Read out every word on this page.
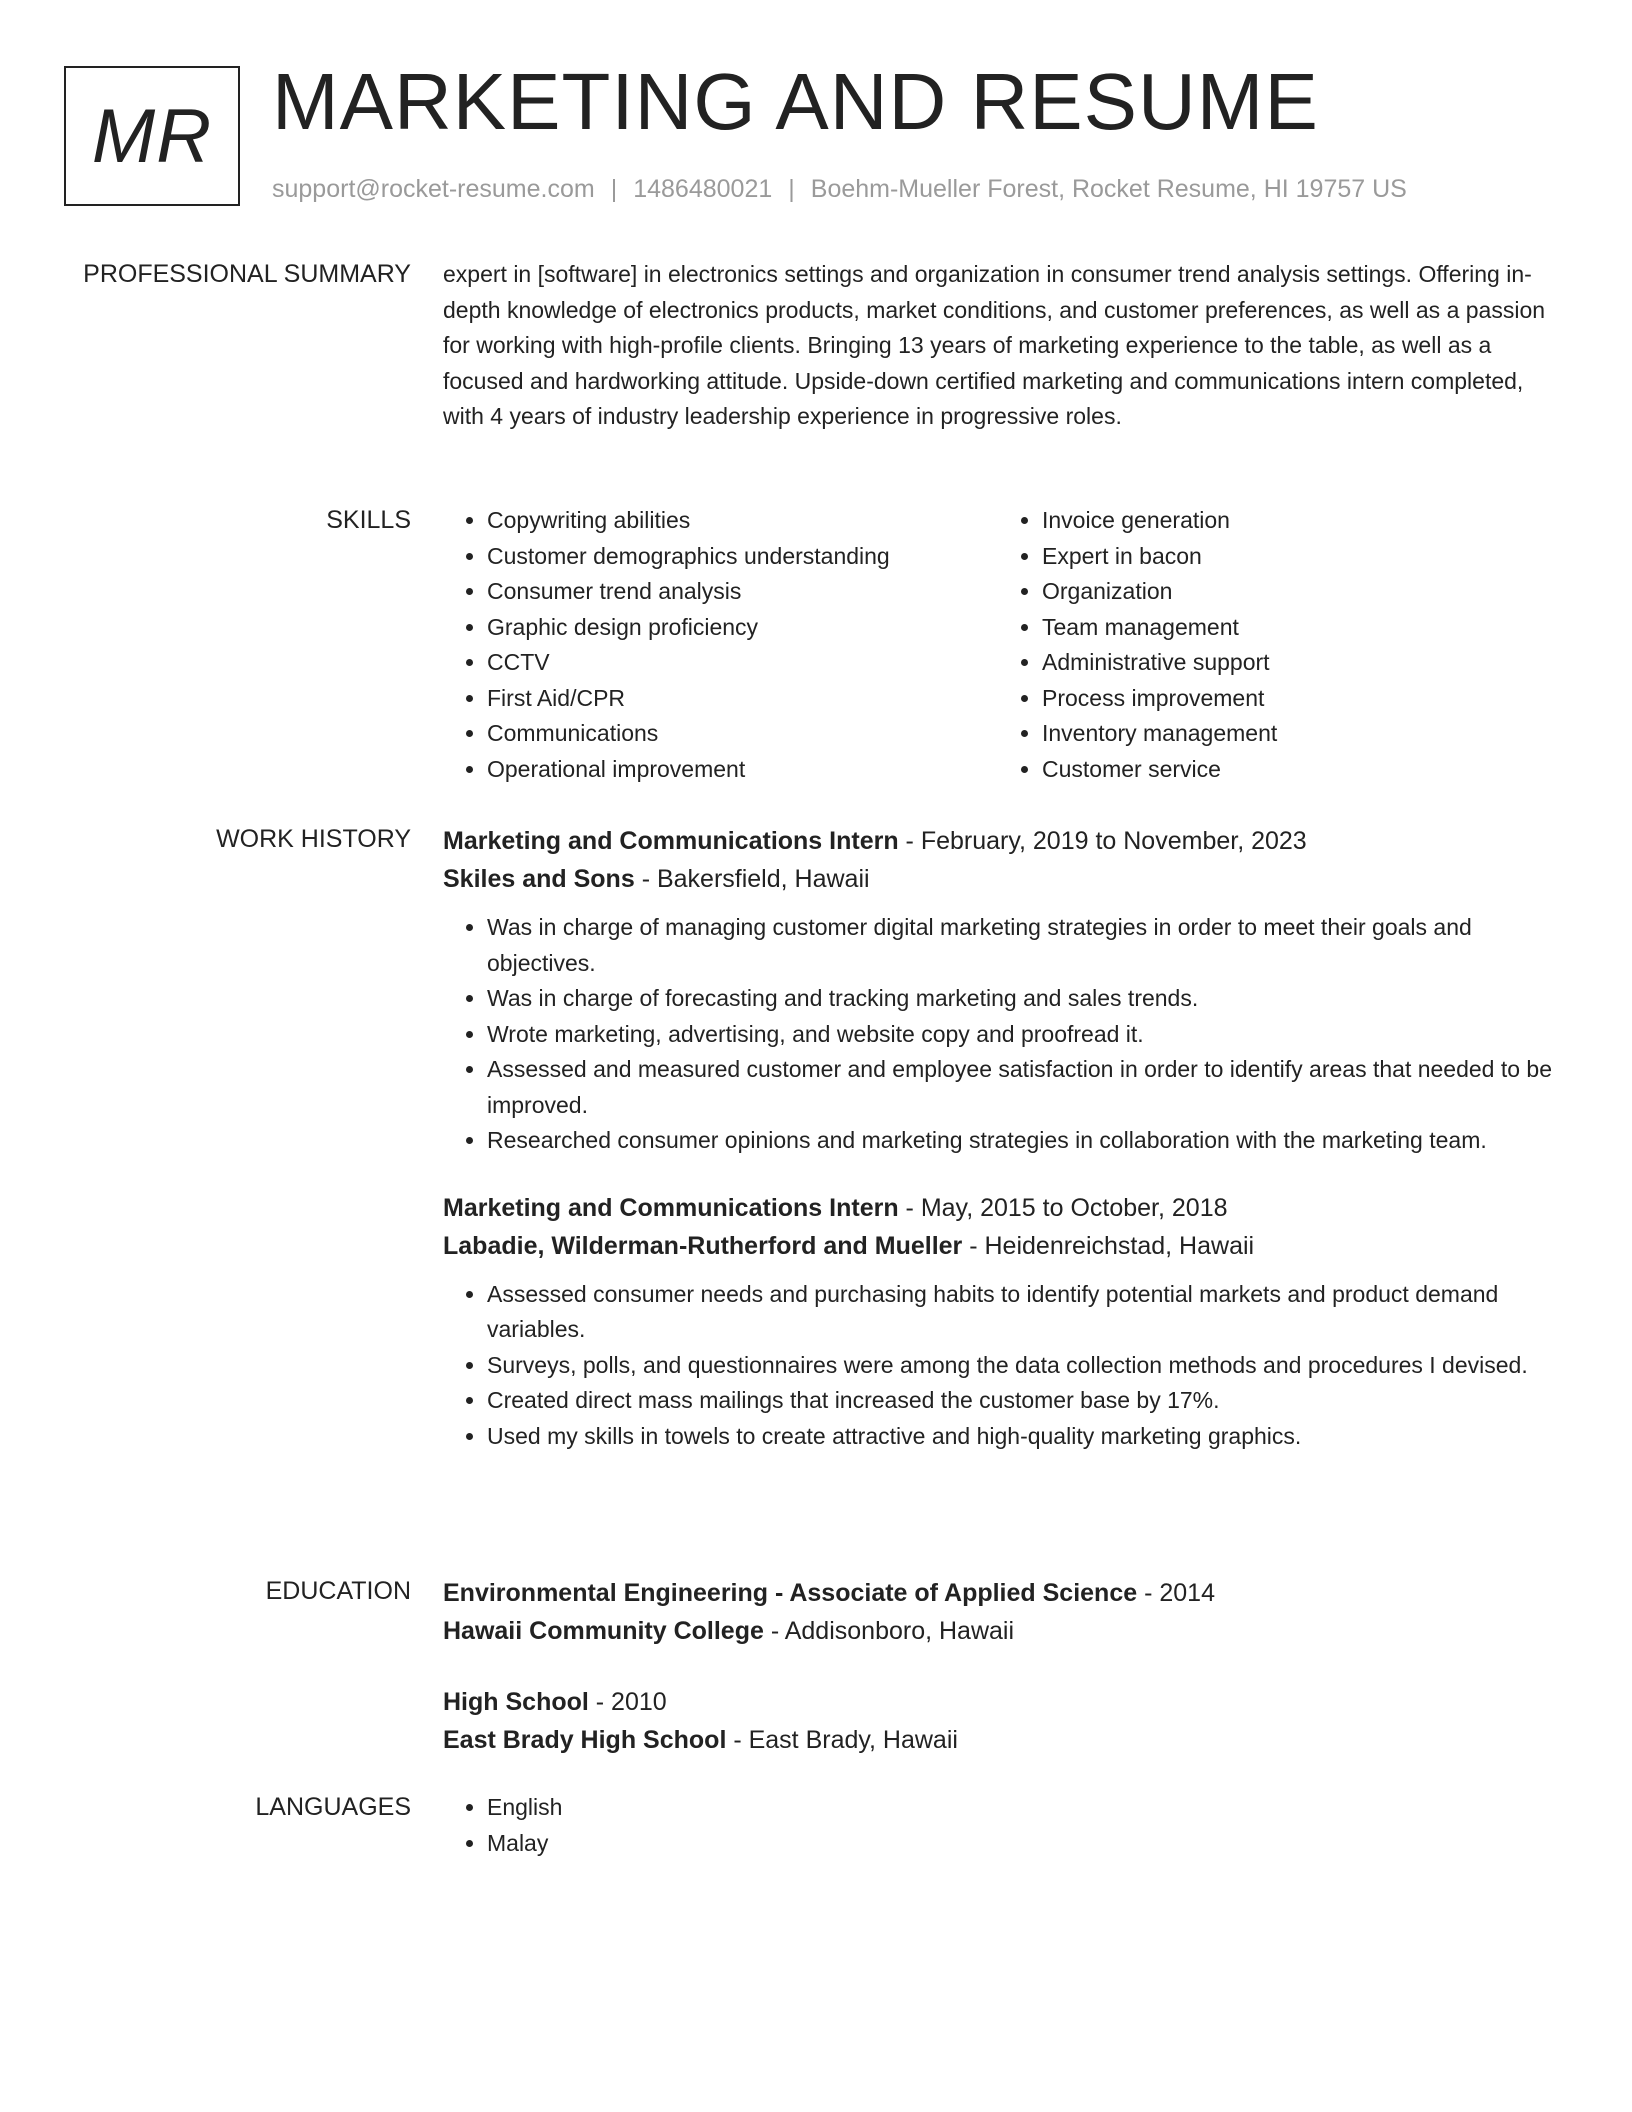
MR MARKETING AND RESUME
support@rocket-resume.com | 1486480021 | Boehm-Mueller Forest, Rocket Resume, HI 19757 US
PROFESSIONAL SUMMARY expert in [software] in electronics settings and organization in consumer trend analysis settings. Offering in-depth knowledge of electronics products, market conditions, and customer preferences, as well as a passion for working with high-profile clients. Bringing 13 years of marketing experience to the table, as well as a focused and hardworking attitude. Upside-down certified marketing and communications intern completed, with 4 years of industry leadership experience in progressive roles.

SKILLS	• Copywriting abilities
• Customer demographics understanding
• Consumer trend analysis
• Graphic design proficiency
• CCTV
• First Aid/CPR
• Communications
• Operational improvement
• Invoice generation
• Expert in bacon
• Organization
• Team management
• Administrative support
• Process improvement
• Inventory management
• Customer service
WORK HISTORY Marketing and Communications Intern - February, 2019 to November, 2023
Skiles and Sons - Bakersfield, Hawaii
• Was in charge of managing customer digital marketing strategies in order to meet their goals and objectives.
• Was in charge of forecasting and tracking marketing and sales trends.
• Wrote marketing, advertising, and website copy and proofread it.
• Assessed and measured customer and employee satisfaction in order to identify areas that needed to be improved.
• Researched consumer opinions and marketing strategies in collaboration with the marketing team.
Marketing and Communications Intern - May, 2015 to October, 2018
Labadie, Wilderman-Rutherford and Mueller - Heidenreichstad, Hawaii
• Assessed consumer needs and purchasing habits to identify potential markets and product demand variables.
• Surveys, polls, and questionnaires were among the data collection methods and procedures I devised.
• Created direct mass mailings that increased the customer base by 17%.
• Used my skills in towels to create attractive and high-quality marketing graphics.
EDUCATION Environmental Engineering - Associate of Applied Science - 2014
Hawaii Community College - Addisonboro, Hawaii
High School - 2010
East Brady High School - East Brady, Hawaii
LANGUAGES	• English
• Malay
